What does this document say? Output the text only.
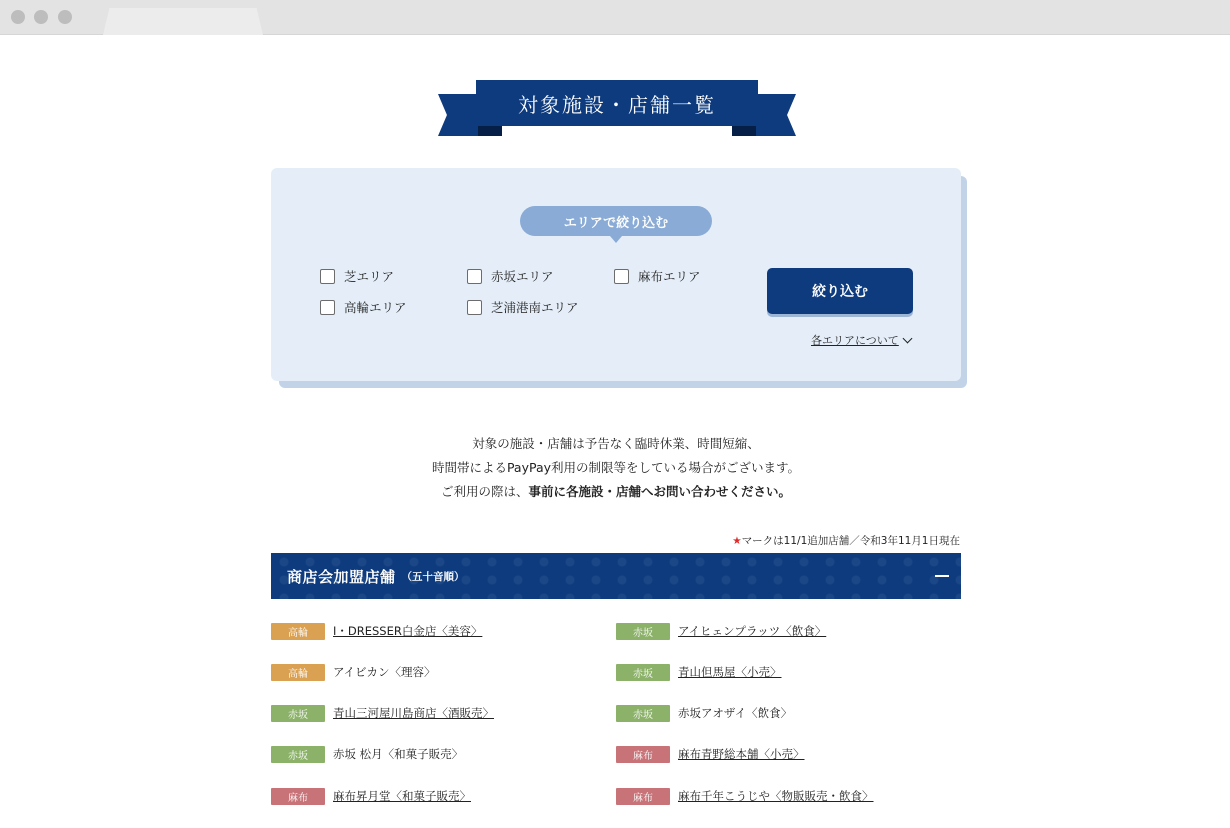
対象施設・店舗一覧
エリアで絞り込む
芝エリア	赤坂エリア	麻布エリア
高輪エリア	芝浦港南エリア
絞り込む
各エリアについて
対象の施設・店舗は予告なく臨時休業、時間短縮、
時間帯によるPayPay利用の制限等をしている場合がございます。
ご利用の際は、事前に各施設・店舗へお問い合わせください。
★マークは11/1追加店舗／令和3年11月1日現在
商店会加盟店舗 （五十音順）
高輪	I・DRESSER白金店〈美容〉	赤坂	アイヒェンプラッツ〈飲食〉
高輪	アイビカン〈理容〉	赤坂	青山但馬屋〈小売〉
赤坂	青山三河屋川島商店〈酒販売〉	赤坂	赤坂アオザイ〈飲食〉
赤坂	赤坂 松月〈和菓子販売〉	麻布	麻布青野総本舗〈小売〉
麻布	麻布昇月堂〈和菓子販売〉	麻布	麻布千年こうじや〈物販販売・飲食〉
